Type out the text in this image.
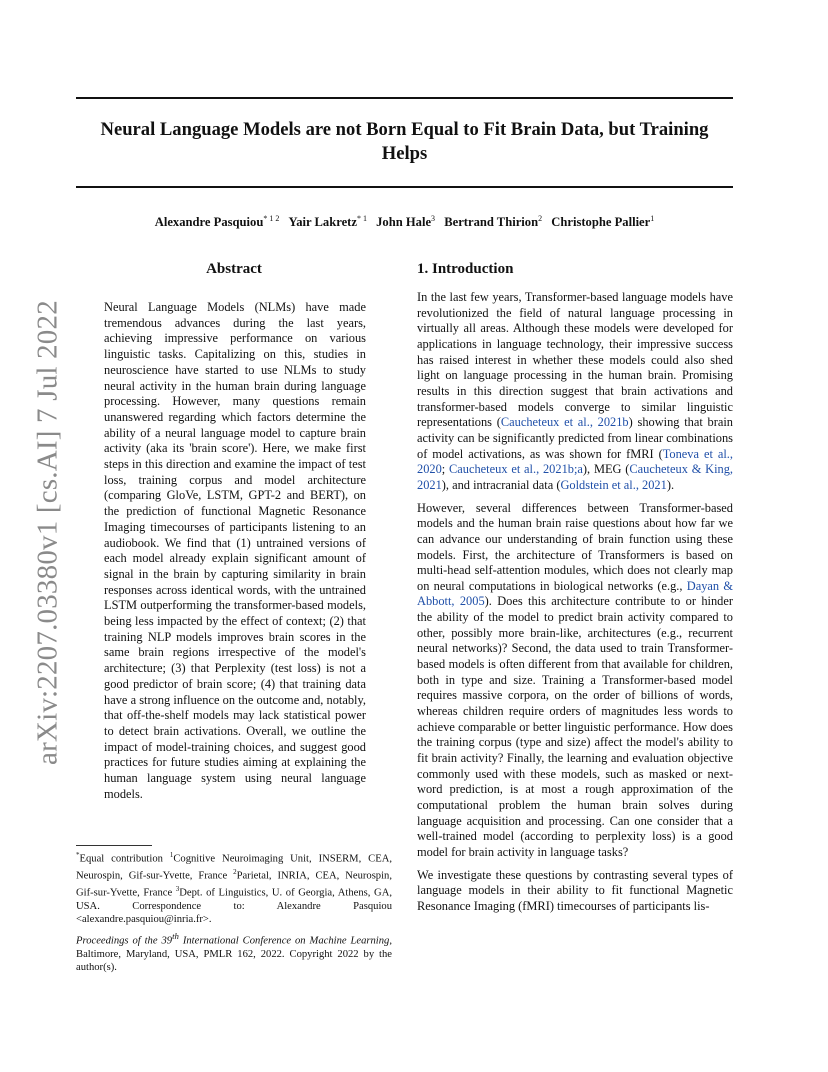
Neural Language Models are not Born Equal to Fit Brain Data, but Training Helps
Alexandre Pasquiou$^{* 1 2}$ Yair Lakretz$^{* 1}$ John Hale$^3$ Bertrand Thirion$^2$ Christophe Pallier$^1$
arXiv:2207.03380v1 [cs.AI] 7 Jul 2022
Abstract
Neural Language Models (NLMs) have made tremendous advances during the last years, achieving impressive performance on various linguistic tasks. Capitalizing on this, studies in neuroscience have started to use NLMs to study neural activity in the human brain during language processing. However, many questions remain unanswered regarding which factors determine the ability of a neural language model to capture brain activity (aka its 'brain score'). Here, we make first steps in this direction and examine the impact of test loss, training corpus and model architecture (comparing GloVe, LSTM, GPT-2 and BERT), on the prediction of functional Magnetic Resonance Imaging timecourses of participants listening to an audiobook. We find that (1) untrained versions of each model already explain significant amount of signal in the brain by capturing similarity in brain responses across identical words, with the untrained LSTM outperforming the transformer-based models, being less impacted by the effect of context; (2) that training NLP models improves brain scores in the same brain regions irrespective of the model's architecture; (3) that Perplexity (test loss) is not a good predictor of brain score; (4) that training data have a strong influence on the outcome and, notably, that off-the-shelf models may lack statistical power to detect brain activations. Overall, we outline the impact of model-training choices, and suggest good practices for future studies aiming at explaining the human language system using neural language models.
1. Introduction

In the last few years, Transformer-based language models have revolutionized the field of natural language processing in virtually all areas. Although these models were developed for applications in language technology, their impressive success has raised interest in whether these models could also shed light on language processing in the human brain. Promising results in this direction suggest that brain activations and transformer-based models converge to similar linguistic representations (Caucheteux et al., 2021b) showing that brain activity can be significantly predicted from linear combinations of model activations, as was shown for fMRI (Toneva et al., 2020; Caucheteux et al., 2021b;a), MEG (Caucheteux & King, 2021), and intracranial data (Goldstein et al., 2021).

However, several differences between Transformer-based models and the human brain raise questions about how far we can advance our understanding of brain function using these models. First, the architecture of Transformers is based on multi-head self-attention modules, which does not clearly map on neural computations in biological networks (e.g., Dayan & Abbott, 2005). Does this architecture contribute to or hinder the ability of the model to predict brain activity compared to other, possibly more brain-like, architectures (e.g., recurrent neural networks)? Second, the data used to train Transformer-based models is often different from that available for children, both in type and size. Training a Transformer-based model requires massive corpora, on the order of billions of words, whereas children require orders of magnitudes less words to achieve comparable or better linguistic performance. How does the training corpus (type and size) affect the model's ability to fit brain activity? Finally, the learning and evaluation objective commonly used with these models, such as masked or next-word prediction, is at most a rough approximation of the computational problem the human brain solves during language acquisition and processing. Can one consider that a well-trained model (according to perplexity loss) is a good model for brain activity in language tasks?

We investigate these questions by contrasting several types of language models in their ability to fit functional Magnetic Resonance Imaging (fMRI) timecourses of participants lis-

*Equal contribution $^1$Cognitive Neuroimaging Unit, INSERM, CEA, Neurospin, Gif-sur-Yvette, France $^2$Parietal, INRIA, CEA, Neurospin, Gif-sur-Yvette, France $^3$Dept. of Linguistics, U. of Georgia, Athens, GA, USA. Correspondence to: Alexandre Pasquiou <alexandre.pasquiou@inria.fr>.
Proceedings of the 39th International Conference on Machine Learning, Baltimore, Maryland, USA, PMLR 162, 2022. Copyright 2022 by the author(s).
